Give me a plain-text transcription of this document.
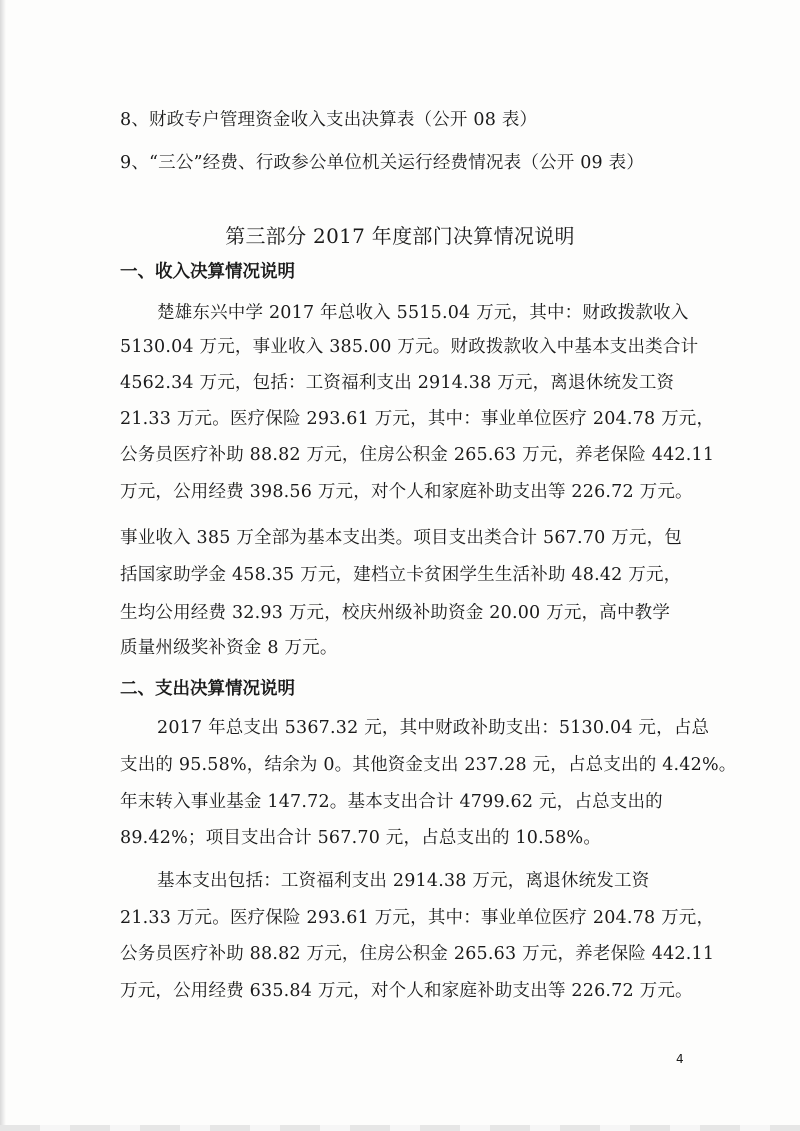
8、财政专户管理资金收入支出决算表（公开 08 表）
9、“三公”经费、行政参公单位机关运行经费情况表（公开 09 表）
第三部分 2017 年度部门决算情况说明
一、收入决算情况说明
楚雄东兴中学 2017 年总收入 5515.04 万元，其中：财政拨款收入
5130.04 万元，事业收入 385.00 万元。财政拨款收入中基本支出类合计
4562.34 万元，包括：工资福利支出 2914.38 万元，离退休统发工资
21.33 万元。医疗保险 293.61 万元，其中：事业单位医疗 204.78 万元，
公务员医疗补助 88.82 万元，住房公积金 265.63 万元，养老保险 442.11
万元，公用经费 398.56 万元，对个人和家庭补助支出等 226.72 万元。
事业收入 385 万全部为基本支出类。项目支出类合计 567.70 万元，包
括国家助学金 458.35 万元，建档立卡贫困学生生活补助 48.42 万元，
生均公用经费 32.93 万元，校庆州级补助资金 20.00 万元，高中教学
质量州级奖补资金 8 万元。
二、支出决算情况说明
2017 年总支出 5367.32 元，其中财政补助支出：5130.04 元，占总
支出的 95.58%，结余为 0。其他资金支出 237.28 元，占总支出的 4.42%。
年末转入事业基金 147.72。基本支出合计 4799.62 元，占总支出的
89.42%；项目支出合计 567.70 元，占总支出的 10.58%。
基本支出包括：工资福利支出 2914.38 万元，离退休统发工资
21.33 万元。医疗保险 293.61 万元，其中：事业单位医疗 204.78 万元，
公务员医疗补助 88.82 万元，住房公积金 265.63 万元，养老保险 442.11
万元，公用经费 635.84 万元，对个人和家庭补助支出等 226.72 万元。
4
